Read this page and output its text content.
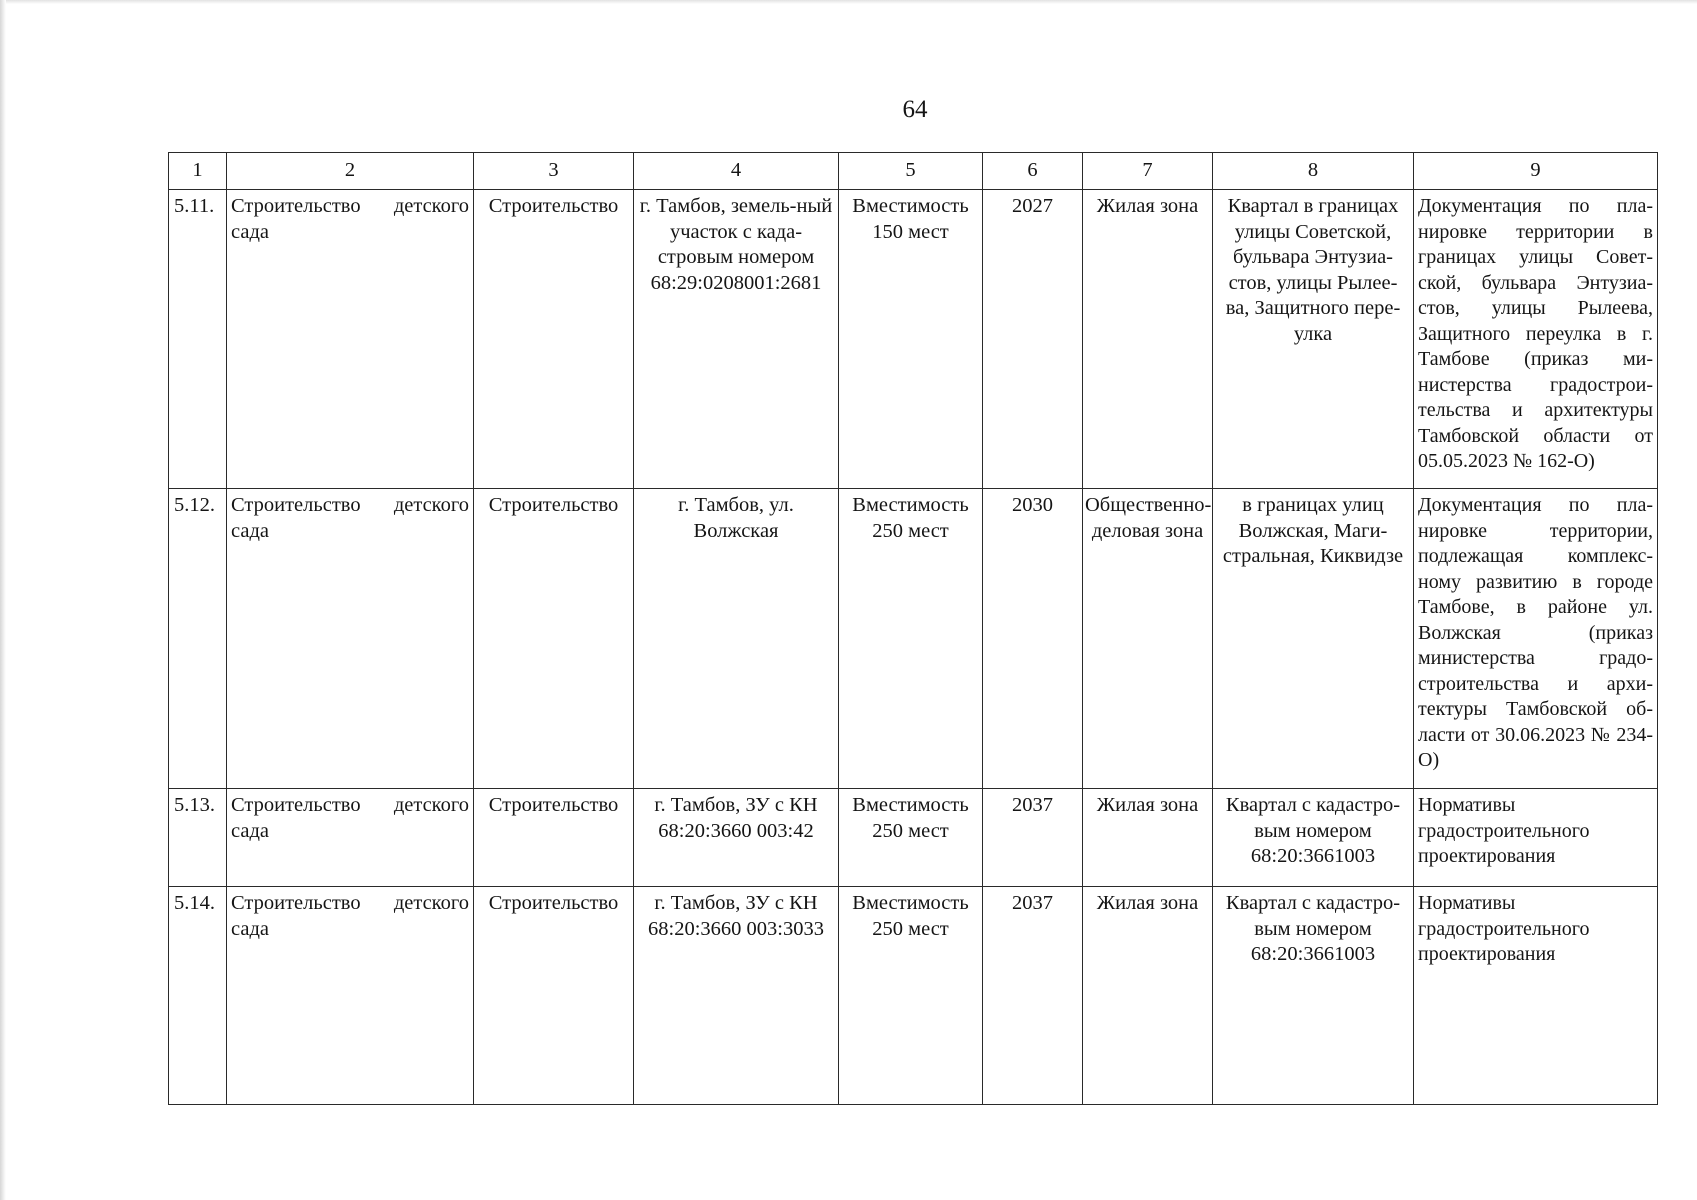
64
1	2	3	4	5	6	7	8	9
5.11.	Строительство детского сада	Строительство	г. Тамбов, земель-ный участок с када-стровым номером 68:29:0208001:2681	Вместимость 150 мест	2027	Жилая зона	Квартал в границах улицы Советской, бульвара Энтузиа-стов, улицы Рылее-ва, Защитного пере-улка	Документация по пла-нировке территории в границах улицы Совет-ской, бульвара Энтузиа-стов, улицы Рылеева, Защитного переулка в г. Тамбове (приказ ми-нистерства градострои-тельства и архитектуры Тамбовской области от 05.05.2023 № 162-О)
5.12.	Строительство детского сада	Строительство	г. Тамбов, ул. Волжская	Вместимость 250 мест	2030	Общественно- деловая зона	в границах улиц Волжская, Маги-стральная, Киквидзе	Документация по пла-нировке территории, подлежащая комплекс-ному развитию в городе Тамбове, в районе ул. Волжская (приказ министерства градо-строительства и архи-тектуры Тамбовской об-ласти от 30.06.2023 № 234-О)
5.13.	Строительство детского сада	Строительство	г. Тамбов, ЗУ с КН 68:20:3660 003:42	Вместимость 250 мест	2037	Жилая зона	Квартал с кадастро-вым номером 68:20:3661003	Нормативы градостроительного проектирования
5.14.	Строительство детского сада	Строительство	г. Тамбов, ЗУ с КН 68:20:3660 003:3033	Вместимость 250 мест	2037	Жилая зона	Квартал с кадастро-вым номером 68:20:3661003	Нормативы градостроительного проектирования
